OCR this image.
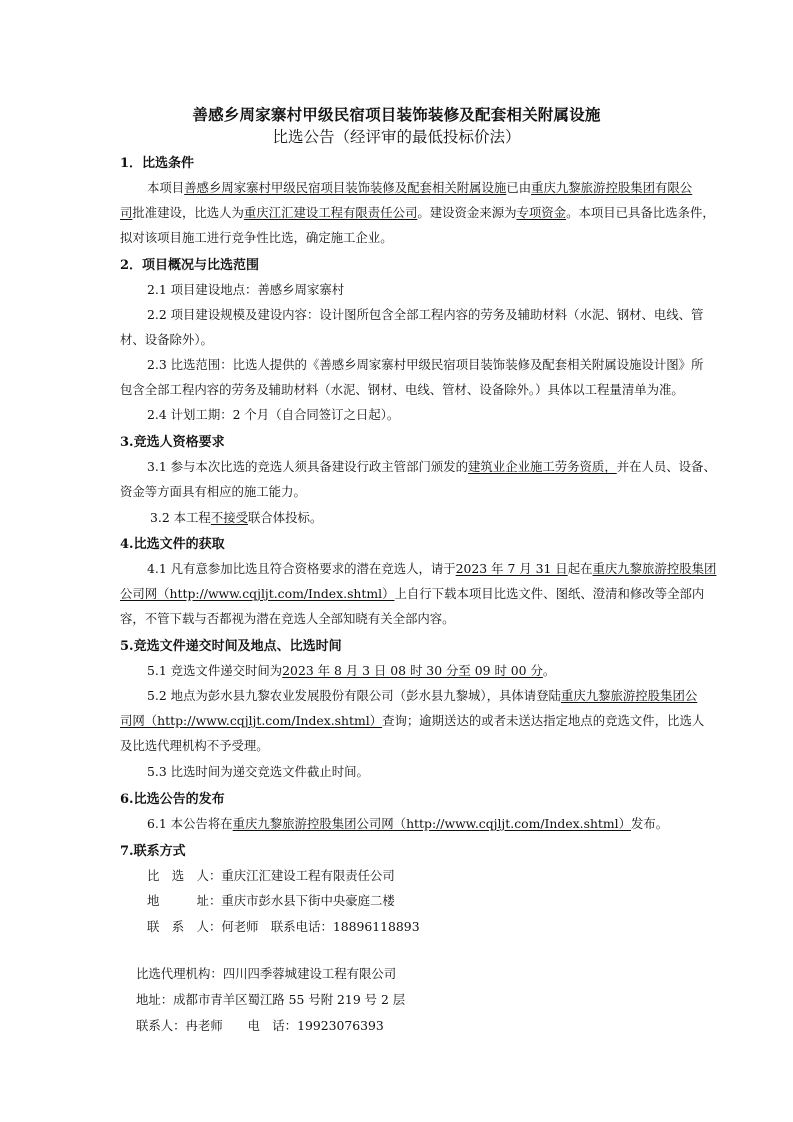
善感乡周家寨村甲级民宿项目装饰装修及配套相关附属设施
比选公告（经评审的最低投标价法）
1．比选条件
本项目善感乡周家寨村甲级民宿项目装饰装修及配套相关附属设施已由重庆九黎旅游控股集团有限公
司批准建设，比选人为重庆江汇建设工程有限责任公司。建设资金来源为专项资金。本项目已具备比选条件，
拟对该项目施工进行竞争性比选，确定施工企业。
2．项目概况与比选范围
2.1 项目建设地点：善感乡周家寨村
2.2 项目建设规模及建设内容：设计图所包含全部工程内容的劳务及辅助材料（水泥、钢材、电线、管
材、设备除外）。
2.3 比选范围：比选人提供的《善感乡周家寨村甲级民宿项目装饰装修及配套相关附属设施设计图》所
包含全部工程内容的劳务及辅助材料（水泥、钢材、电线、管材、设备除外。）具体以工程量清单为准。
2.4 计划工期：2 个月（自合同签订之日起）。
3.竞选人资格要求
3.1 参与本次比选的竞选人须具备建设行政主管部门颁发的建筑业企业施工劳务资质，并在人员、设备、
资金等方面具有相应的施工能力。
3.2 本工程不接受联合体投标。
4.比选文件的获取
4.1 凡有意参加比选且符合资格要求的潜在竞选人，请于2023 年 7 月 31 日起在重庆九黎旅游控股集团
公司网（http://www.cqjljt.com/Index.shtml）上自行下载本项目比选文件、图纸、澄清和修改等全部内
容，不管下载与否都视为潜在竞选人全部知晓有关全部内容。
5.竞选文件递交时间及地点、比选时间
5.1 竞选文件递交时间为2023 年 8 月 3 日 08 时 30 分至 09 时 00 分。
5.2 地点为彭水县九黎农业发展股份有限公司（彭水县九黎城），具体请登陆重庆九黎旅游控股集团公
司网（http://www.cqjljt.com/Index.shtml）查询；逾期送达的或者未送达指定地点的竞选文件，比选人
及比选代理机构不予受理。
5.3 比选时间为递交竞选文件截止时间。
6.比选公告的发布
6.1 本公告将在重庆九黎旅游控股集团公司网（http://www.cqjljt.com/Index.shtml）发布。
7.联系方式
比　选　人：重庆江汇建设工程有限责任公司
地　　　址：重庆市彭水县下街中央豪庭二楼
联　系　人：何老师　联系电话：18896118893
比选代理机构：四川四季蓉城建设工程有限公司
地址：成都市青羊区蜀江路 55 号附 219 号 2 层
联系人：冉老师　　电　话：19923076393
